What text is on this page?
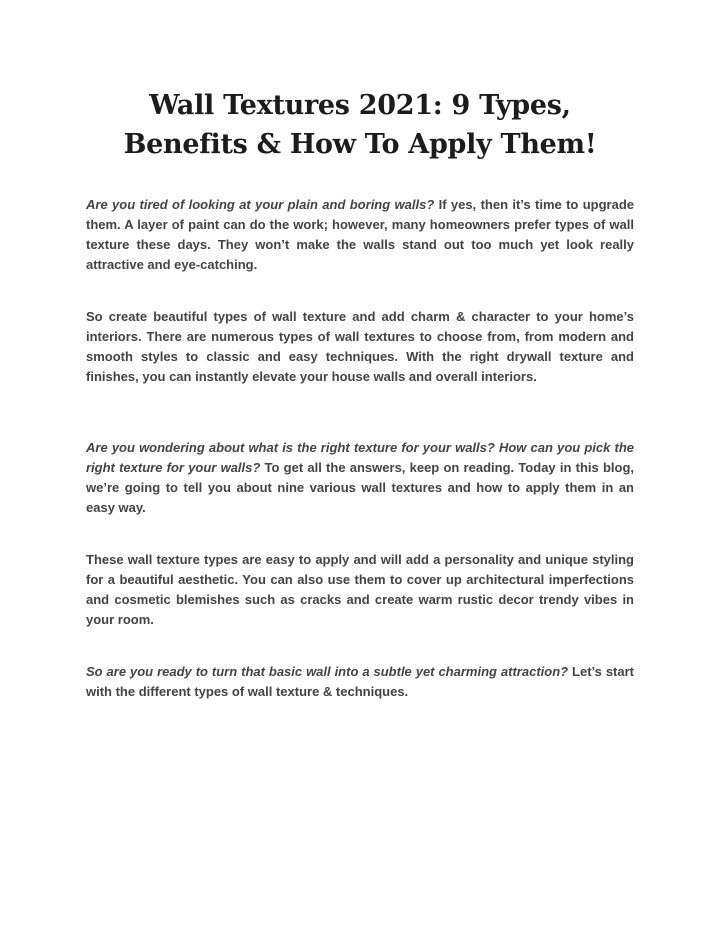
Wall Textures 2021: 9 Types, Benefits & How To Apply Them!

Are you tired of looking at your plain and boring walls? If yes, then it’s time to upgrade them. A layer of paint can do the work; however, many homeowners prefer types of wall texture these days. They won’t make the walls stand out too much yet look really attractive and eye-catching.

So create beautiful types of wall texture and add charm & character to your home’s interiors. There are numerous types of wall textures to choose from, from modern and smooth styles to classic and easy techniques. With the right drywall texture and finishes, you can instantly elevate your house walls and overall interiors.

Are you wondering about what is the right texture for your walls? How can you pick the right texture for your walls? To get all the answers, keep on reading. Today in this blog, we’re going to tell you about nine various wall textures and how to apply them in an easy way.

These wall texture types are easy to apply and will add a personality and unique styling for a beautiful aesthetic. You can also use them to cover up architectural imperfections and cosmetic blemishes such as cracks and create warm rustic decor trendy vibes in your room.

So are you ready to turn that basic wall into a subtle yet charming attraction? Let’s start with the different types of wall texture & techniques.
